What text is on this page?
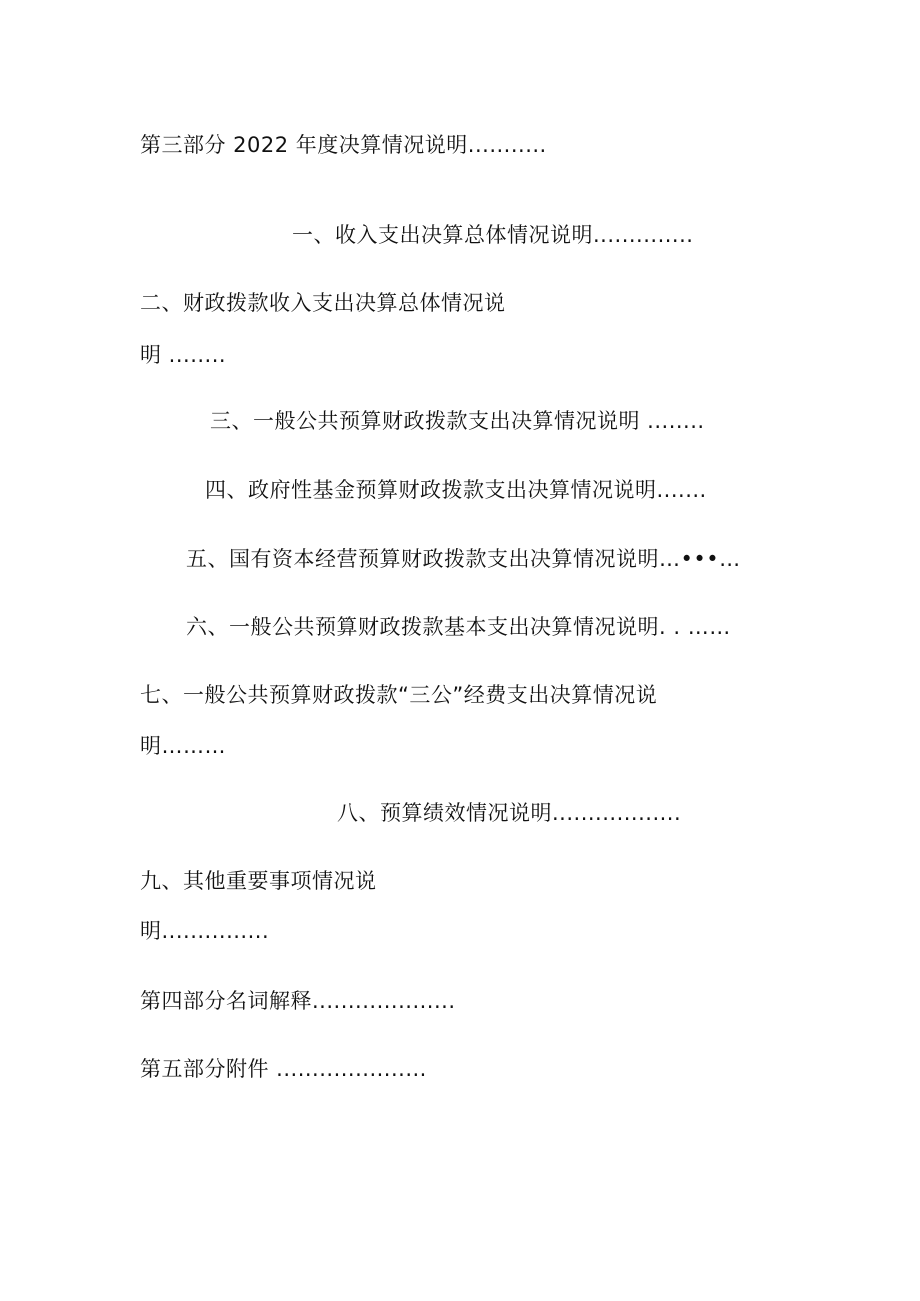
第三部分 2022 年度决算情况说明...........
一、收入支出决算总体情况说明..............
二、财政拨款收入支出决算总体情况说
明 ........
三、一般公共预算财政拨款支出决算情况说明 ........
四、政府性基金预算财政拨款支出决算情况说明.......
五、国有资本经营预算财政拨款支出决算情况说明…•••…
六、一般公共预算财政拨款基本支出决算情况说明. . ……
七、一般公共预算财政拨款“三公”经费支出决算情况说
明………
八、预算绩效情况说明..................
九、其他重要事项情况说
明...............
第四部分名词解释....................
第五部分附件 .....................
